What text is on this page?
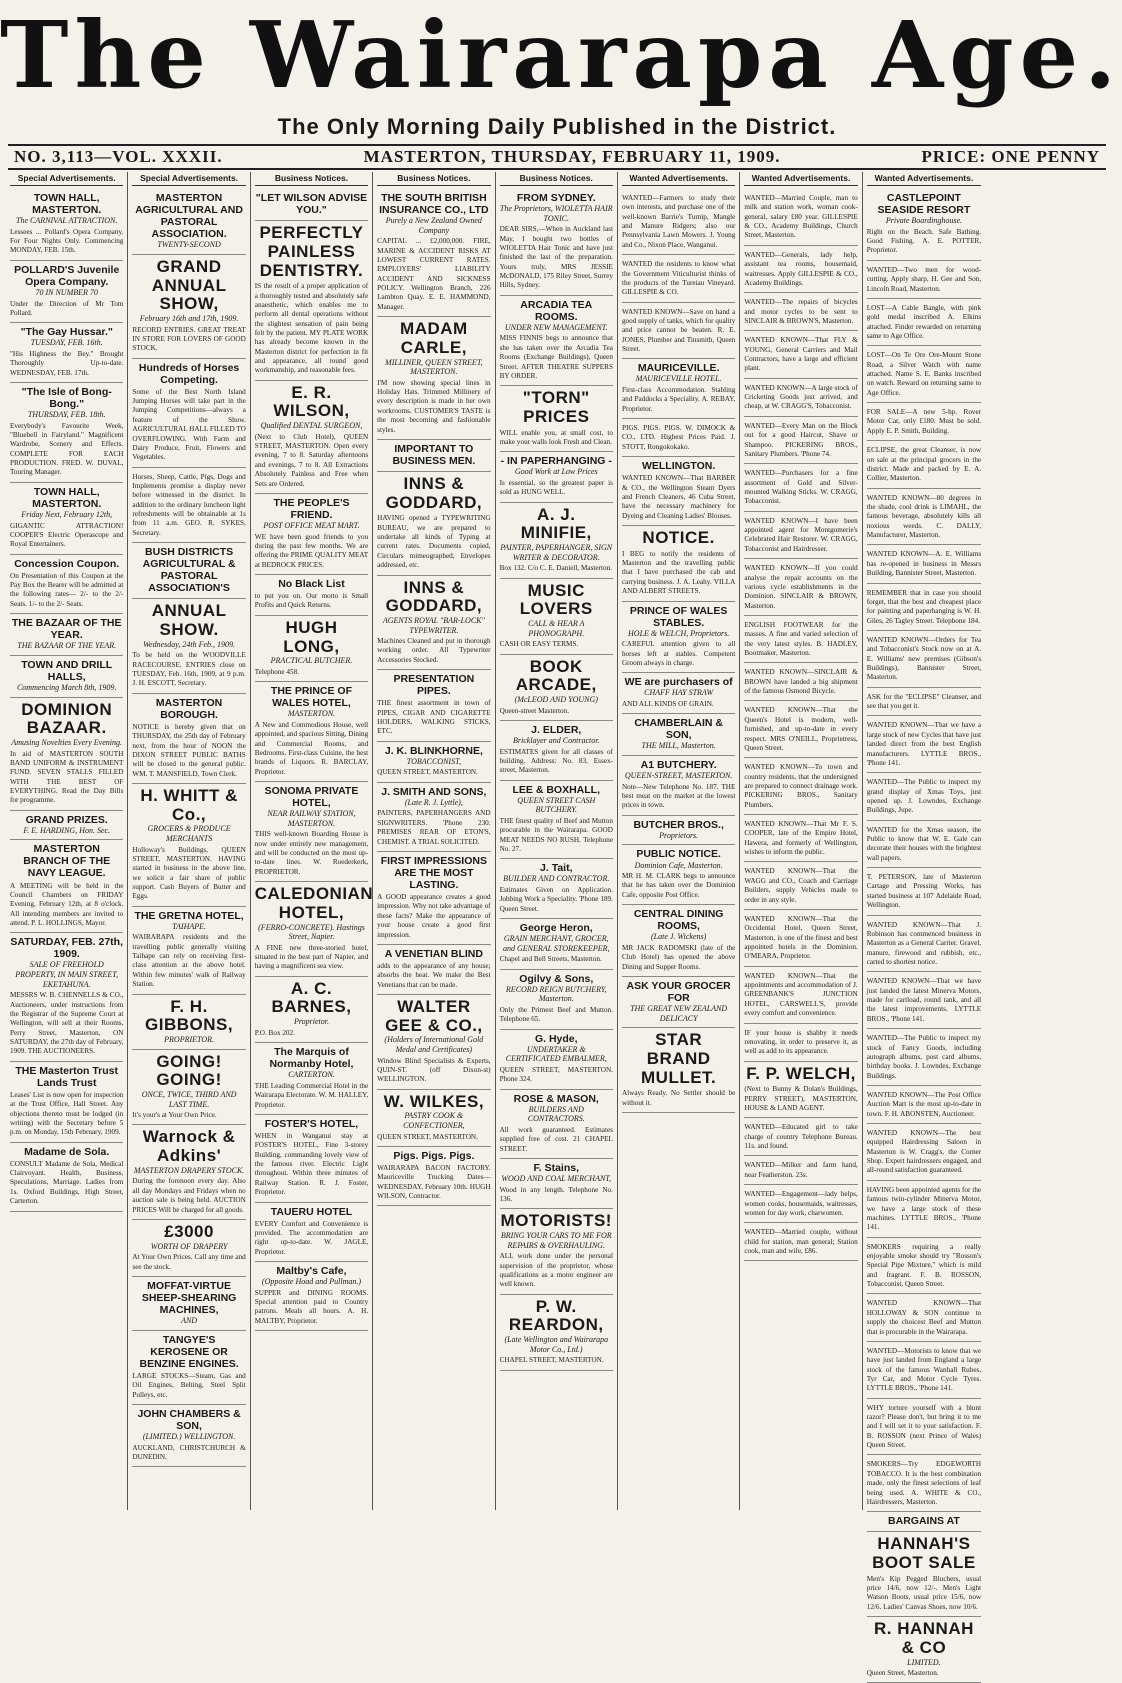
The Wairarapa Age.
The Only Morning Daily Published in the District.
NO. 3,113—VOL. XXXII.	MASTERTON, THURSDAY, FEBRUARY 11, 1909.	PRICE: ONE PENNY
Special Advertisements.
TOWN HALL, MASTERTON.
The CARNIVAL ATTRACTION.
Lessees ... Pollard's Opera Company. For Four Nights Only. Commencing MONDAY, FEB. 15th.
POLLARD'S Juvenile Opera Company.
70 IN NUMBER 70
Under the Direction of Mr Tom Pollard.
"The Gay Hussar."
TUESDAY, FEB. 16th.
"His Highness the Bey." Brought Thoroughly Up-to-date. WEDNESDAY, FEB. 17th.
"The Isle of Bong-Bong."
THURSDAY, FEB. 18th.
Everybody's Favourite Week, "Bluebell in Fairyland." Magnificent Wardrobe, Scenery and Effects. COMPLETE FOR EACH PRODUCTION. FRED. W. DUVAL, Touring Manager.
TOWN HALL, MASTERTON.
Friday Next, February 12th,
GIGANTIC ATTRACTION! COOPER'S Electric Operascope and Royal Entertainers.
Concession Coupon.
On Presentation of this Coupon at the Pay Box the Bearer will be admitted at the following rates— 2/- to the 2/- Seats. 1/- to the 2/- Seats.
THE BAZAAR OF THE YEAR.
THE BAZAAR OF THE YEAR.
TOWN AND DRILL HALLS,
Commencing March 8th, 1909.
DOMINION BAZAAR.
Amusing Novelties Every Evening.
In aid of MASTERTON SOUTH BAND UNIFORM & INSTRUMENT FUND. SEVEN STALLS FILLED WITH THE BEST OF EVERYTHING. Read the Day Bills for programme.
GRAND PRIZES.
F. E. HARDING, Hon. Sec.
MASTERTON BRANCH OF THE NAVY LEAGUE.
A MEETING will be held in the Council Chambers on FRIDAY Evening, February 12th, at 8 o'clock. All intending members are invited to attend. P. L. HOLLINGS, Mayor.
SATURDAY, FEB. 27th, 1909.
SALE OF FREEHOLD PROPERTY, IN MAIN STREET, EKETAHUNA.
MESSRS W. B. CHENNELLS & CO., Auctioneers, under instructions from the Registrar of the Supreme Court at Wellington, will sell at their Rooms, Perry Street, Masterton, ON SATURDAY, the 27th day of February, 1909. THE AUCTIONEERS.
THE Masterton Trust Lands Trust
Leases' List is now open for inspection at the Trust Office, Hall Street. Any objections thereto must be lodged (in writing) with the Secretary before 5 p.m. on Monday, 15th February, 1909.
Madame de Sola.
CONSULT Madame de Sola, Medical Clairvoyant. Health, Business, Speculations, Marriage. Ladies from 1s. Oxford Buildings, High Street, Carterton.
Special Advertisements.
MASTERTON AGRICULTURAL AND PASTORAL ASSOCIATION.
TWENTY-SECOND
GRAND ANNUAL SHOW,
February 16th and 17th, 1909.
RECORD ENTRIES. GREAT TREAT IN STORE FOR LOVERS OF GOOD STOCK.
Hundreds of Horses Competing.
Some of the Best North Island Jumping Horses will take part in the Jumping Competitions—always a feature of the Show. AGRICULTURAL HALL FILLED TO OVERFLOWING. With Farm and Dairy Produce, Fruit, Flowers and Vegetables.
Horses, Sheep, Cattle, Pigs, Dogs and Implements promise a display never before witnessed in the district. In addition to the ordinary luncheon light refreshments will be obtainable at 1s from 11 a.m. GEO. R. SYKES, Secretary.
BUSH DISTRICTS AGRICULTURAL & PASTORAL ASSOCIATION'S
ANNUAL SHOW.
Wednesday, 24th Feb., 1909.
To be held on the WOODVILLE RACECOURSE. ENTRIES close on TUESDAY, Feb. 16th, 1909, at 9 p.m. J. H. ESCOTT, Secretary.
MASTERTON BOROUGH.
NOTICE is hereby given that on THURSDAY, the 25th day of February next, from the hour of NOON the DIXON STREET PUBLIC BATHS will be closed to the general public. WM. T. MANSFIELD, Town Clerk.
H. WHITT & Co.,
GROCERS & PRODUCE MERCHANTS
Holloway's Buildings, QUEEN STREET, MASTERTON. HAVING started in business in the above line, we solicit a fair share of public support. Cash Buyers of Butter and Eggs.
THE GRETNA HOTEL,
TAIHAPE.
WAIRARAPA residents and the travelling public generally visiting Taihape can rely on receiving first-class attention at the above hotel. Within few minutes' walk of Railway Station.
F. H. GIBBONS,
PROPRIETOR.
GOING! GOING!
ONCE, TWICE, THIRD AND LAST TIME.
It's your's at Your Own Price.
Warnock & Adkins'
MASTERTON DRAPERY STOCK.
During the forenoon every day. Also all day Mondays and Fridays when no auction sale is being held. AUCTION PRICES Will be charged for all goods.
£3000
WORTH OF DRAPERY
At Your Own Prices. Call any time and see the stock.
MOFFAT-VIRTUE SHEEP-SHEARING MACHINES,
AND
TANGYE'S KEROSENE OR BENZINE ENGINES.
LARGE STOCKS—Steam, Gas and Oil Engines, Belting, Steel Split Pulleys, etc.
JOHN CHAMBERS & SON,
(LIMITED.) WELLINGTON.
AUCKLAND, CHRISTCHURCH & DUNEDIN.
Business Notices.
"LET WILSON ADVISE YOU."
PERFECTLY PAINLESS DENTISTRY.
IS the result of a proper application of a thoroughly tested and absolutely safe anaesthetic, which enables me to perform all dental operations without the slightest sensation of pain being felt by the patient. MY PLATE WORK has already become known in the Masterton district for perfection in fit and appearance, all round good workmanship, and reasonable fees.
E. R. WILSON,
Qualified DENTAL SURGEON,
(Next to Club Hotel), QUEEN STREET, MASTERTON. Open every evening, 7 to 8. Saturday afternoons and evenings, 7 to 8. All Extractions Absolutely Painless and Free when Sets are Ordered.
THE PEOPLE'S FRIEND.
POST OFFICE MEAT MART.
WE have been good friends to you during the past few months. We are offering the PRIME QUALITY MEAT at BEDROCK PRICES.
No Black List
to put you on. Our motto is Small Profits and Quick Returns.
HUGH LONG,
PRACTICAL BUTCHER.
Telephone 458.
THE PRINCE OF WALES HOTEL,
MASTERTON.
A New and Commodious House, well appointed, and spacious Sitting, Dining and Commercial Rooms, and Bedrooms. First-class Cuisine, the best brands of Liquors. R. BARCLAY, Proprietor.
SONOMA PRIVATE HOTEL,
NEAR RAILWAY STATION, MASTERTON.
THIS well-known Boarding House is now under entirely new management, and will be conducted on the most up-to-date lines. W. Roederkerk, PROPRIETOR.
CALEDONIAN HOTEL,
(FERRO-CONCRETE). Hastings Street, Napier.
A FINE new three-storied hotel, situated in the best part of Napier, and having a magnificent sea view.
A. C. BARNES,
Proprietor.
P.O. Box 202.
The Marquis of Normanby Hotel,
CARTERTON.
THE Leading Commercial Hotel in the Wairarapa Electorate. W. M. HALLEY, Proprietor.
FOSTER'S HOTEL,
WHEN in Wanganui stay at FOSTER'S HOTEL, Fine 3-storey Building, commanding lovely view of the famous river. Electric Light throughout. Within three minutes of Railway Station. R. J. Foster, Proprietor.
TAUERU HOTEL
EVERY Comfort and Convenience is provided. The accommodation are right up-to-date. W. JAGLE, Proprietor.
Maltby's Cafe,
(Opposite Hoad and Pullman.)
SUPPER and DINING ROOMS. Special attention paid to Country patrons. Meals all hours. A. H. MALTBY, Proprietor.
Business Notices.
THE SOUTH BRITISH INSURANCE CO., LTD
Purely a New Zealand Owned Company
CAPITAL ... £2,000,000. FIRE, MARINE & ACCIDENT RISKS AT LOWEST CURRENT RATES. EMPLOYERS' LIABILITY ACCIDENT AND SICKNESS POLICY. Wellington Branch, 226 Lambton Quay. E. E. HAMMOND, Manager.
MADAM CARLE,
MILLINER, QUEEN STREET, MASTERTON.
I'M now showing special lines in Holiday Hats. Trimmed Millinery of every description is made in her own workrooms. CUSTOMER'S TASTE is the most becoming and fashionable styles.
IMPORTANT TO BUSINESS MEN.
INNS & GODDARD,
HAVING opened a TYPEWRITING BUREAU, we are prepared to undertake all kinds of Typing at current rates. Documents copied, Circulars mimeographed, Envelopes addressed, etc.
INNS & GODDARD,
AGENTS ROYAL "BAR-LOCK" TYPEWRITER.
Machines Cleaned and put in thorough working order. All Typewriter Accessories Stocked.
PRESENTATION PIPES.
THE finest assortment in town of PIPES, CIGAR AND CIGARETTE HOLDERS, WALKING STICKS, ETC.
J. K. BLINKHORNE,
TOBACCONIST,
QUEEN STREET, MASTERTON.
J. SMITH AND SONS,
(Late R. J. Lyttle),
PAINTERS, PAPERHANGERS AND SIGNWRITERS. 'Phone 230. PREMISES REAR OF ETON'S, CHEMIST. A TRIAL SOLICITED.
FIRST IMPRESSIONS ARE THE MOST LASTING.
A GOOD appearance creates a good impression. Why not take advantage of these facts? Make the appearance of your house create a good first impression.
A VENETIAN BLIND
adds to the appearance of any house; absorbs the heat. We make the Best Venetians that can be made.
WALTER GEE & CO.,
(Holders of International Gold Medal and Certificates)
Window Blind Specialists & Experts, QUIN-ST. (off Dixon-st) WELLINGTON.
W. WILKES,
PASTRY COOK & CONFECTIONER,
QUEEN STREET, MASTERTON.
Pigs. Pigs. Pigs.
WAIRARAPA BACON FACTORY. Mauriceville Trucking Dates—WEDNESDAY, February 10th. HUGH WILSON, Contractor.
Business Notices.
FROM SYDNEY.
The Proprietors, WIOLETTA HAIR TONIC.
DEAR SIRS,—When in Auckland last May, I bought two bottles of WIOLETTA Hair Tonic and have just finished the last of the preparation. Yours truly, MRS JESSIE McDONALD, 175 Riley Street, Surrey Hills, Sydney.
ARCADIA TEA ROOMS.
UNDER NEW MANAGEMENT.
MISS FINNIS begs to announce that she has taken over the Arcadia Tea Rooms (Exchange Buildings), Queen Street. AFTER THEATRE SUPPERS BY ORDER.
"TORN" PRICES
WILL enable you, at small cost, to make your walls look Fresh and Clean.
- IN PAPERHANGING -
Good Work at Low Prices
Is essential, so the greatest paper is sold as HUNG WELL.
A. J. MINIFIE,
PAINTER, PAPERHANGER, SIGN WRITER & DECORATOR.
Box 132. C/o C. E. Daniell, Masterton.
MUSIC LOVERS
CALL & HEAR A PHONOGRAPH.
CASH OR EASY TERMS.
BOOK ARCADE,
(McLEOD AND YOUNG)
Queen-street Masterton.
J. ELDER,
Bricklayer and Contractor.
ESTIMATES given for all classes of building. Address: No. 83, Essex-street, Masterton.
LEE & BOXHALL,
QUEEN STREET CASH BUTCHERY.
THE finest quality of Beef and Mutton procurable in the Wairarapa. GOOD MEAT NEEDS NO RUSH. Telephone No. 27.
J. Tait,
BUILDER AND CONTRACTOR.
Estimates Given on Application. Jobbing Work a Speciality. 'Phone 189. Queen Street.
George Heron,
GRAIN MERCHANT, GROCER, and GENERAL STOREKEEPER,
Chapel and Bell Streets, Masterton.
Ogilvy & Sons,
RECORD REIGN BUTCHERY, Masterton.
Only the Primest Beef and Mutton. Telephone 65.
G. Hyde,
UNDERTAKER & CERTIFICATED EMBALMER,
QUEEN STREET, MASTERTON. Phone 324.
ROSE & MASON,
BUILDERS AND CONTRACTORS.
All work guaranteed. Estimates supplied free of cost. 21 CHAPEL STREET.
F. Stains,
WOOD AND COAL MERCHANT,
Wood in any length. Telephone No. 136.
MOTORISTS!
BRING YOUR CARS TO ME FOR REPAIRS & OVERHAULING.
ALL work done under the personal supervision of the proprietor, whose qualifications as a motor engineer are well known.
P. W. REARDON,
(Late Wellington and Wairarapa Motor Co., Ltd.)
CHAPEL STREET, MASTERTON.
Wanted Advertisements.
WANTED—Farmers to study their own interests, and purchase one of the well-known Barrie's Turnip, Mangle and Manure Ridgers; also our Pennsylvania Lawn Mowers. J. Young and Co., Nixon Place, Wanganui.
WANTED the residents to know what the Government Viticulturist thinks of the products of the Tureiau Vineyard. GILLESPIE & CO.
WANTED KNOWN—Save on hand a good supply of tanks, which for quality and price cannot be beaten. R. E. JONES, Plumber and Tinsmith, Queen Street.
MAURICEVILLE.
MAURICEVILLE HOTEL.
First-class Accommodation. Stabling and Paddocks a Speciality. A. REBAY, Proprietor.
PIGS. PIGS. PIGS. W. DIMOCK & CO., LTD. Highest Prices Paid. J. STOTT, Rongokokako.
WELLINGTON.
WANTED KNOWN—That BARBER & CO., the Wellington Steam Dyers and French Cleaners, 46 Cuba Street, have the necessary machinery for Dyeing and Cleaning Ladies' Blouses.
NOTICE.
I BEG to notify the residents of Masterton and the travelling public that I have purchased the cab and carrying business. J. A. Leahy. VILLA AND ALBERT STREETS.
PRINCE OF WALES STABLES.
HOLE & WELCH, Proprietors.
CAREFUL attention given to all horses left at stables. Competent Groom always in charge.
WE are purchasers of
CHAFF HAY STRAW
AND ALL KINDS OF GRAIN.
CHAMBERLAIN & SON,
THE MILL, Masterton.
A1 BUTCHERY.
QUEEN-STREET, MASTERTON.
Note—New Telephone No. 187. THE best meat on the market at the lowest prices in town.
BUTCHER BROS.,
Proprietors.
PUBLIC NOTICE.
Dominion Cafe, Masterton.
MR H. M. CLARK begs to announce that he has taken over the Dominion Cafe, opposite Post Office.
CENTRAL DINING ROOMS,
(Late J. Wickens)
MR JACK RADOMSKI (late of the Club Hotel) has opened the above Dining and Supper Rooms.
ASK YOUR GROCER FOR
THE GREAT NEW ZEALAND DELICACY
STAR BRAND MULLET.
Always Ready. No Settler should be without it.
Wanted Advertisements.
WANTED—Married Couple, man to milk and station work, woman cook-general, salary £80 year. GILLESPIE & CO., Academy Buildings, Church Street, Masterton.
WANTED—Generals, lady help, assistant tea rooms, housemaid, waitresses. Apply GILLESPIE & CO., Academy Buildings.
WANTED—The repairs of bicycles and motor cycles to be sent to SINCLAIR & BROWN'S, Masterton.
WANTED KNOWN—That FLY & YOUNG, General Carriers and Mail Contractors, have a large and efficient plant.
WANTED KNOWN—A large stock of Cricketing Goods just arrived, and cheap, at W. CRAGG'S, Tobacconist.
WANTED—Every Man on the Block out for a good Haircut, Shave or Shampoo. PICKERING BROS., Sanitary Plumbers. 'Phone 74.
WANTED—Purchasers for a fine assortment of Gold and Silver-mounted Walking Sticks. W. CRAGG, Tobacconist.
WANTED KNOWN—I have been appointed agent for Montgomerie's Celebrated Hair Restorer. W. CRAGG, Tobacconist and Hairdresser.
WANTED KNOWN—If you could analyse the repair accounts on the various cycle establishments in the Dominion. SINCLAIR & BROWN, Masterton.
ENGLISH FOOTWEAR for the masses. A fine and varied selection of the very latest styles. B. HADLEY, Bootmaker, Masterton.
WANTED KNOWN—SINCLAIR & BROWN have landed a big shipment of the famous Osmond Bicycle.
WANTED KNOWN—That the Queen's Hotel is modern, well-furnished, and up-to-date in every respect. MRS O'NEILL, Proprietress, Queen Street.
WANTED KNOWN—To town and country residents, that the undersigned are prepared to connect drainage work. PICKERING BROS., Sanitary Plumbers.
WANTED KNOWN—That Mr F. S. COOPER, late of the Empire Hotel, Hawera, and formerly of Wellington, wishes to inform the public.
WANTED KNOWN—That the WAGG and CO., Coach and Carriage Builders, supply Vehicles made to order in any style.
WANTED KNOWN—That the Occidental Hotel, Queen Street, Masterton, is one of the finest and best appointed hotels in the Dominion. O'MEARA, Proprietor.
WANTED KNOWN—That the appointments and accommodation of J. GREENBANK'S JUNCTION HOTEL, CARSWELL'S, provide every comfort and convenience.
IF your house is shabby it needs renovating, in order to preserve it, as well as add to its appearance.
F. P. WELCH,
(Next to Bunny & Dolan's Buildings, PERRY STREET), MASTERTON, HOUSE & LAND AGENT.
WANTED—Educated girl to take charge of country Telephone Bureau. 11s. and found.
WANTED—Milker and farm hand, near Featherston. 23s.
WANTED—Engagement—lady helps, women cooks, housemaids, waitresses, women for day work, charwomen.
WANTED—Married couple, without child for station, man general; Station cook, man and wife, £86.
Wanted Advertisements.
CASTLEPOINT SEASIDE RESORT
Private Boardinghouse.
Right on the Beach. Safe Bathing. Good Fishing. A. E. POTTER, Proprietor.
WANTED—Two men for wood-cutting. Apply sharp, H. Gee and Son, Lincoln Road, Masterton.
LOST—A Cable Bangle, with pink gold medal inscribed A. Elkins attached. Finder rewarded on returning same to Age Office.
LOST—On Te Ore Ore-Mount Stone Road, a Silver Watch with name attached. Name S. E. Banks inscribed on watch. Reward on returning same to Age Office.
FOR SALE—A new 5-hp. Rover Motor Car, only £180. Must be sold. Apply E. P. Smith, Building.
ECLIPSE, the great Cleanser, is now on sale at the principal grocers in the district. Made and packed by E. A. Collier, Masterton.
WANTED KNOWN—80 degrees in the shade, cool drink is LIMAHL, the famous beverage, absolutely kills all noxious weeds. C. DALLY, Manufacturer, Masterton.
WANTED KNOWN—A. E. Williams has re-opened in business in Messrs Building, Bannister Street, Masterton.
REMEMBER that in case you should forget, that the best and cheapest place for painting and paperhanging is W. H. Giles, 26 Tagley Street. Telephone 184.
WANTED KNOWN—Orders for Tea and Tobacconist's Stock now on at A. E. Williams' new premises (Gibson's Buildings), Bannister Street, Masterton.
ASK for the "ECLIPSE" Cleanser, and see that you get it.
WANTED KNOWN—That we have a large stock of new Cycles that have just landed direct from the best English manufacturers. LYTTLE BROS., 'Phone 141.
WANTED—The Public to inspect my grand display of Xmas Toys, just opened up. J. Lowndes, Exchange Buildings, Jupe.
WANTED for the Xmas season, the Public to know that W. E. Gale can decorate their houses with the brightest wall papers.
T. PETERSON, late of Masterton Cartage and Pressing Works, has started business at 107 Adelaide Road, Wellington.
WANTED KNOWN—That J. Robinson has commenced business in Masterton as a General Carrier. Gravel, manure, firewood and rubbish, etc., carted to shortest notice.
WANTED KNOWN—That we have just landed the latest Minerva Motors, made for cartload, round tank, and all the latest improvements. LYTTLE BROS., 'Phone 141.
WANTED—The Public to inspect my stock of Fancy Goods, including autograph albums, post card albums, birthday books. J. Lowndes, Exchange Buildings.
WANTED KNOWN—The Post Office Auction Mart is the most up-to-date in town. F. H. ABONSTEN, Auctioneer.
WANTED KNOWN—The best equipped Hairdressing Saloon in Masterton is W. Cragg's, the Corner Shop. Expert hairdressers engaged, and all-round satisfaction guaranteed.
HAVING been appointed agents for the famous twin-cylinder Minerva Motor, we have a large stock of these machines. LYTTLE BROS., 'Phone 141.
SMOKERS requiring a really enjoyable smoke should try "Rosson's Special Pipe Mixture," which is mild and fragrant. F. B. ROSSON, Tobacconist, Queen Street.
WANTED KNOWN—That HOLLOWAY & SON continue to supply the choicest Beef and Mutton that is procurable in the Wairarapa.
WANTED—Motorists to know that we have just landed from England a large stock of the famous Wanhall Rubes, Tyr Car, and Motor Cycle Tyres. LYTTLE BROS., 'Phone 141.
WHY torture yourself with a blunt razor? Please don't, but bring it to me and I will set it to your satisfaction. F. B. ROSSON (next Prince of Wales) Queen Street.
SMOKERS—Try EDGEWORTH TOBACCO. It is the best combination made, only the finest selections of leaf being used. A. WHITE & CO., Hairdressers, Masterton.
BARGAINS AT
HANNAH'S BOOT SALE
Men's Kip Pegged Bluchers, usual price 14/6, now 12/-. Men's Light Watson Boots, usual price 15/6, now 12/6. Ladies' Canvas Shoes, now 10/6.
R. HANNAH & CO
LIMITED.
Queen Street, Masterton.
